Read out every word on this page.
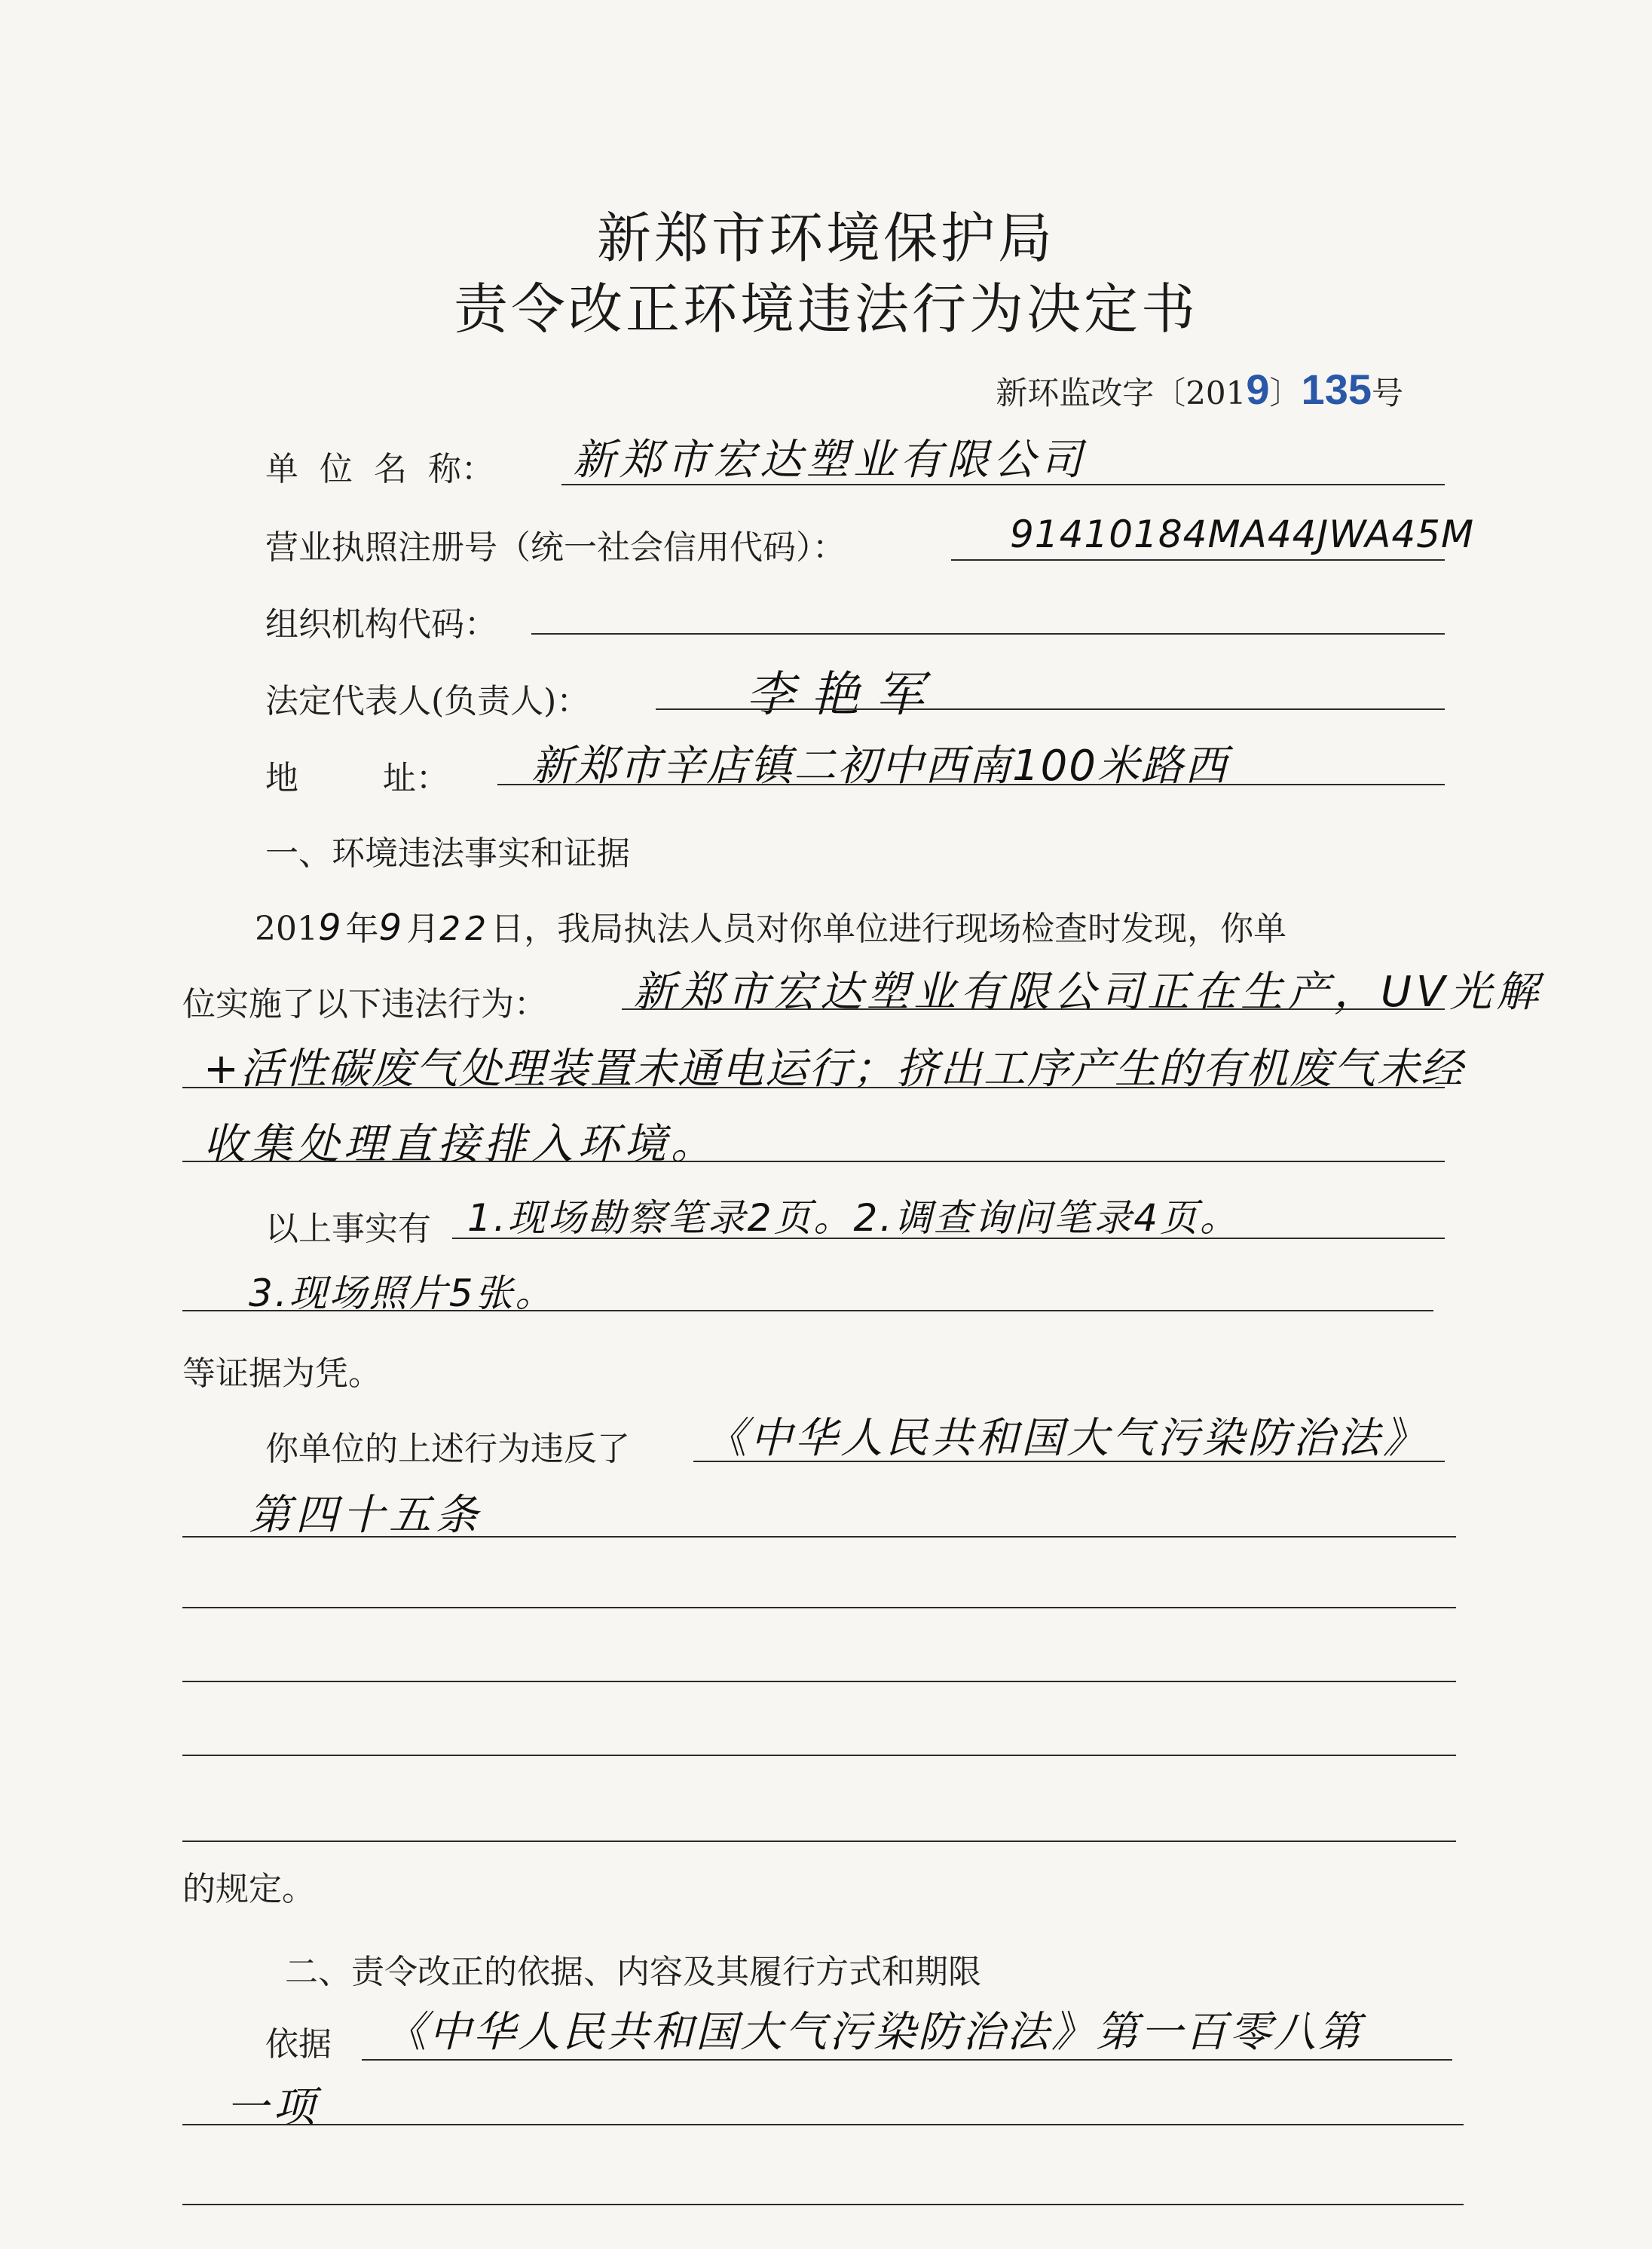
新郑市环境保护局
责令改正环境违法行为决定书
新环监改字〔2019〕135号
单  位  名  称： 新郑市宏达塑业有限公司
营业执照注册号（统一社会信用代码）：	91410184MA44JWA45M
组织机构代码：
法定代表人(负责人)：	李艳军
地        址： 新郑市辛店镇二初中西南100米路西
一、环境违法事实和证据
2019年9月22日，我局执法人员对你单位进行现场检查时发现，你单
位实施了以下违法行为： 新郑市宏达塑业有限公司正在生产，UV光解
+活性碳废气处理装置未通电运行；挤出工序产生的有机废气未经
收集处理直接排入环境。
以上事实有 1.现场勘察笔录2页。2.调查询问笔录4页。
3.现场照片5张。
等证据为凭。
你单位的上述行为违反了 《中华人民共和国大气污染防治法》
第四十五条
的规定。
二、责令改正的依据、内容及其履行方式和期限
依据 《中华人民共和国大气污染防治法》第一百零八第
一项
